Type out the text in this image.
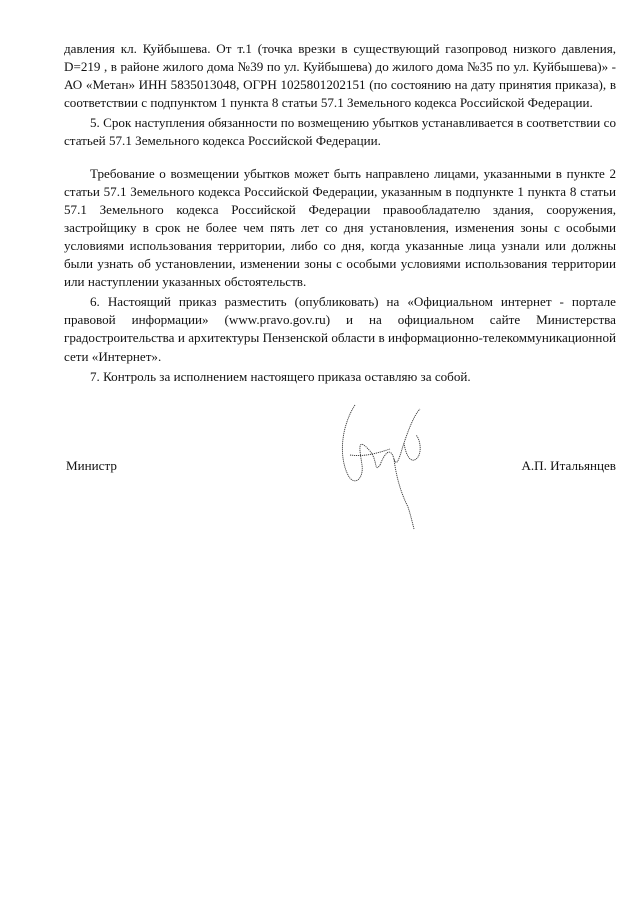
давления кл. Куйбышева. От т.1 (точка врезки в существующий газопровод низкого давления, D=219 , в районе жилого дома №39 по ул. Куйбышева) до жилого дома №35 по ул. Куйбышева)» - АО «Метан» ИНН 5835013048, ОГРН 1025801202151 (по состоянию на дату принятия приказа), в соответствии с подпунктом 1 пункта 8 статьи 57.1 Земельного кодекса Российской Федерации.

5. Срок наступления обязанности по возмещению убытков устанавливается в соответствии со статьей 57.1 Земельного кодекса Российской Федерации.

Требование о возмещении убытков может быть направлено лицами, указанными в пункте 2 статьи 57.1 Земельного кодекса Российской Федерации, указанным в подпункте 1 пункта 8 статьи 57.1 Земельного кодекса Российской Федерации правообладателю здания, сооружения, застройщику в срок не более чем пять лет со дня установления, изменения зоны с особыми условиями использования территории, либо со дня, когда указанные лица узнали или должны были узнать об установлении, изменении зоны с особыми условиями использования территории или наступлении указанных обстоятельств.

6. Настоящий приказ разместить (опубликовать) на «Официальном интернет - портале правовой информации» (www.pravo.gov.ru) и на официальном сайте Министерства градостроительства и архитектуры Пензенской области в информационно-телекоммуникационной сети «Интернет».

7. Контроль за исполнением настоящего приказа оставляю за собой.

Министр	А.П. Итальянцев
